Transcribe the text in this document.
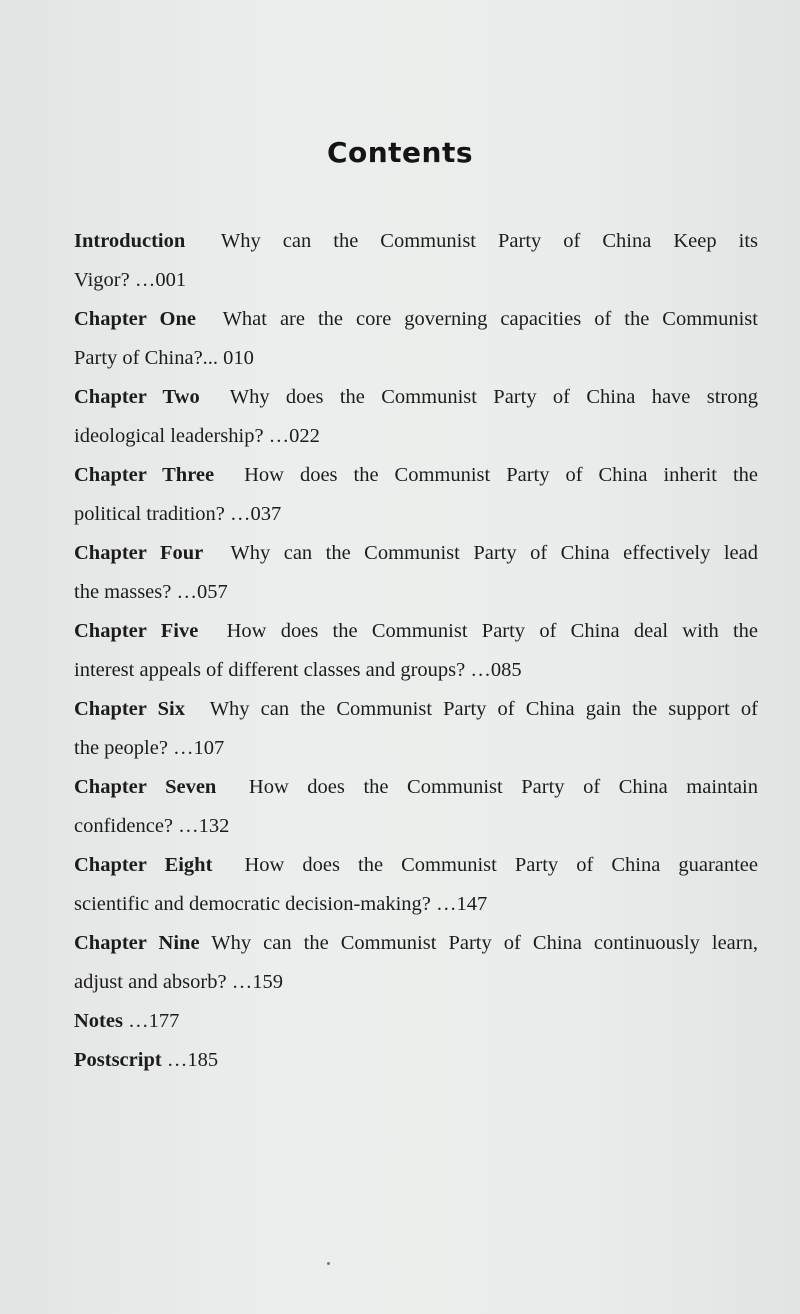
Contents
Introduction Why can the Communist Party of China Keep its
Vigor? …001
Chapter One What are the core governing capacities of the Communist
Party of China?... 010
Chapter Two Why does the Communist Party of China have strong
ideological leadership? …022
Chapter Three How does the Communist Party of China inherit the
political tradition? …037
Chapter Four Why can the Communist Party of China effectively lead
the masses? …057
Chapter Five How does the Communist Party of China deal with the
interest appeals of different classes and groups? …085
Chapter Six Why can the Communist Party of China gain the support of
the people? …107
Chapter Seven How does the Communist Party of China maintain
confidence? …132
Chapter Eight How does the Communist Party of China guarantee
scientific and democratic decision-making? …147
Chapter Nine Why can the Communist Party of China continuously learn,
adjust and absorb? …159
Notes …177
Postscript …185
